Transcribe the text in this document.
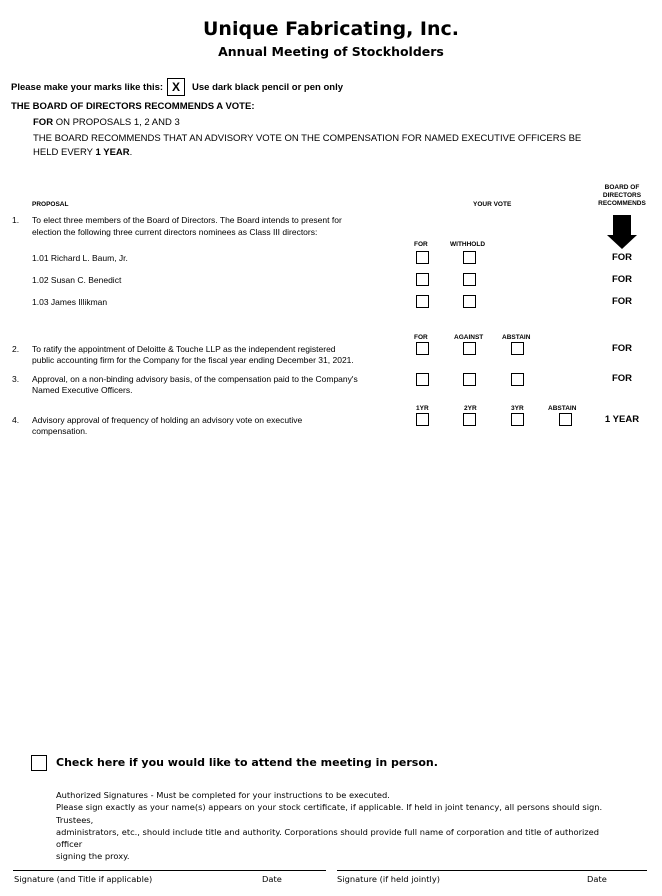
Unique Fabricating, Inc.
Annual Meeting of Stockholders
Please make your marks like this: X	Use dark black pencil or pen only
THE BOARD OF DIRECTORS RECOMMENDS A VOTE:
FOR ON PROPOSALS 1, 2 AND 3
THE BOARD RECOMMENDS THAT AN ADVISORY VOTE ON THE COMPENSATION FOR NAMED EXECUTIVE OFFICERS BE
HELD EVERY 1 YEAR.
PROPOSAL	YOUR VOTE
BOARD OF
DIRECTORS
RECOMMENDS
1. To elect three members of the Board of Directors. The Board intends to present for
election the following three current directors nominees as Class III directors:
FOR	WITHHOLD
1.01 Richard L. Baum, Jr.	FOR
1.02 Susan C. Benedict	FOR
1.03 James Illikman	FOR
FOR	AGAINST	ABSTAIN
2. To ratify the appointment of Deloitte & Touche LLP as the independent registered
public accounting firm for the Company for the fiscal year ending December 31, 2021.
FOR
3. Approval, on a non-binding advisory basis, of the compensation paid to the Company's
Named Executive Officers.
FOR
1YR	2YR	3YR	ABSTAIN
4. Advisory approval of frequency of holding an advisory vote on executive
compensation.
1 YEAR
Check here if you would like to attend the meeting in person.
Authorized Signatures - Must be completed for your instructions to be executed.
Please sign exactly as your name(s) appears on your stock certificate, if applicable. If held in joint tenancy, all persons should sign. Trustees,
administrators, etc., should include title and authority. Corporations should provide full name of corporation and title of authorized officer
signing the proxy.
Signature (and Title if applicable)	Date	Signature (if held jointly)	Date
